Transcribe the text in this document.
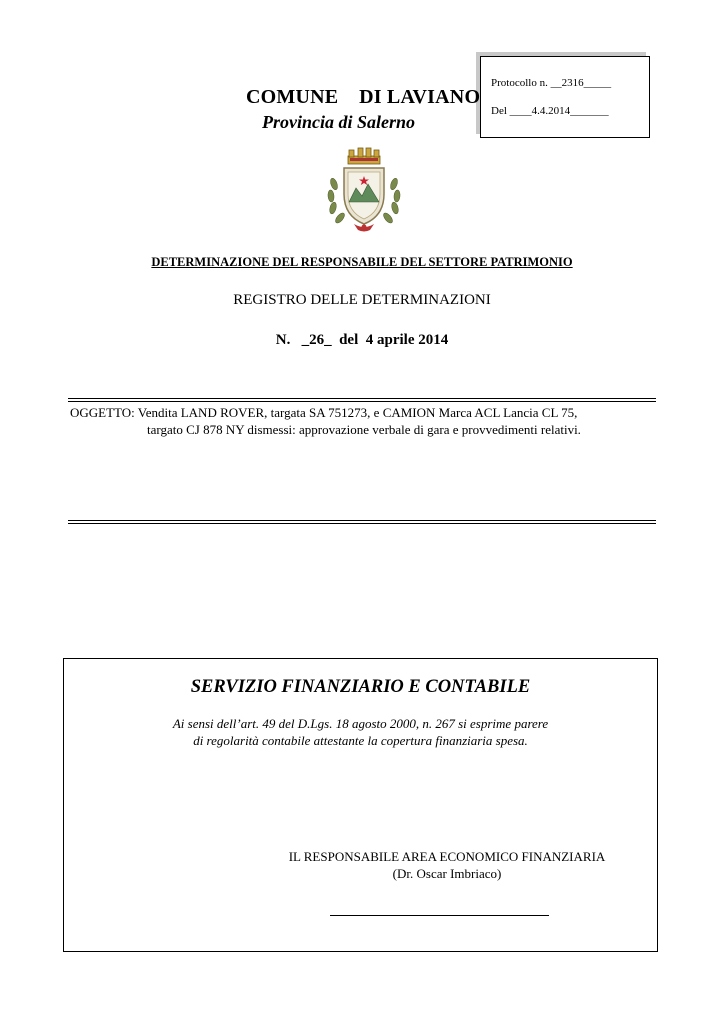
Protocollo n. __2316_____
Del ____4.4.2014_______
COMUNE    DI LAVIANO
Provincia di Salerno
DETERMINAZIONE DEL RESPONSABILE DEL SETTORE PATRIMONIO
REGISTRO DELLE DETERMINAZIONI
N.   _26_  del  4 aprile 2014
OGGETTO: Vendita LAND ROVER, targata SA 751273, e CAMION Marca ACL Lancia CL 75,
targato CJ 878 NY dismessi: approvazione verbale di gara e provvedimenti relativi.
SERVIZIO FINANZIARIO E CONTABILE
Ai sensi dell’art. 49 del D.Lgs. 18 agosto 2000, n. 267 si esprime parere
di regolarità contabile attestante la copertura finanziaria spesa.
IL RESPONSABILE AREA ECONOMICO FINANZIARIA
(Dr. Oscar Imbriaco)
